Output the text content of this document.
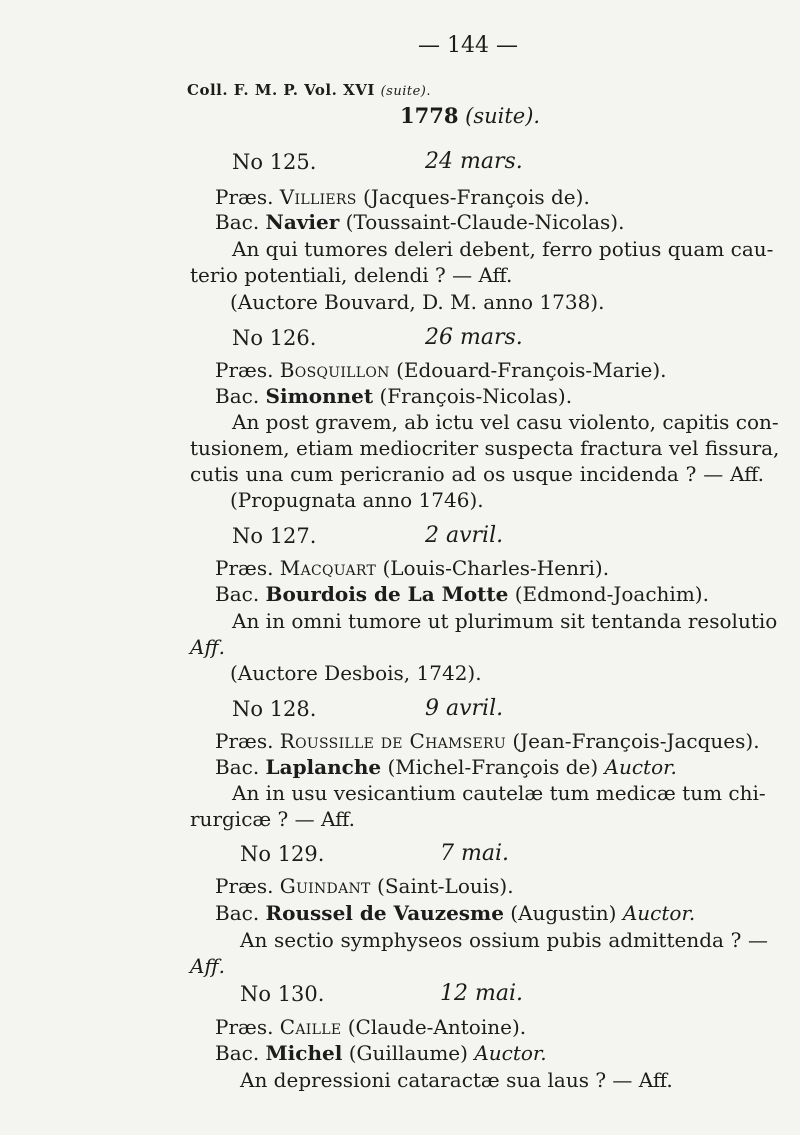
— 144 —
Coll. F. M. P. Vol. XVI (suite).
1778 (suite).
No 125.	24 mars.
Præs. Villiers (Jacques-François de).
Bac. Navier (Toussaint-Claude-Nicolas).
An qui tumores deleri debent, ferro potius quam cau-
terio potentiali, delendi ? — Aff.
(Auctore Bouvard, D. M. anno 1738).
No 126.	26 mars.
Præs. Bosquillon (Edouard-François-Marie).
Bac. Simonnet (François-Nicolas).
An post gravem, ab ictu vel casu violento, capitis con-
tusionem, etiam mediocriter suspecta fractura vel fissura,
cutis una cum pericranio ad os usque incidenda ? — Aff.
(Propugnata anno 1746).
No 127.	2 avril.
Præs. Macquart (Louis-Charles-Henri).
Bac. Bourdois de La Motte (Edmond-Joachim).
An in omni tumore ut plurimum sit tentanda resolutio
Aff.
(Auctore Desbois, 1742).
No 128.	9 avril.
Præs. Roussille de Chamseru (Jean-François-Jacques).
Bac. Laplanche (Michel-François de) Auctor.
An in usu vesicantium cautelæ tum medicæ tum chi-
rurgicæ ? — Aff.
No 129.	7 mai.
Præs. Guindant (Saint-Louis).
Bac. Roussel de Vauzesme (Augustin) Auctor.
An sectio symphyseos ossium pubis admittenda ? —
Aff.
No 130.	12 mai.
Præs. Caille (Claude-Antoine).
Bac. Michel (Guillaume) Auctor.
An depressioni cataractæ sua laus ? — Aff.
